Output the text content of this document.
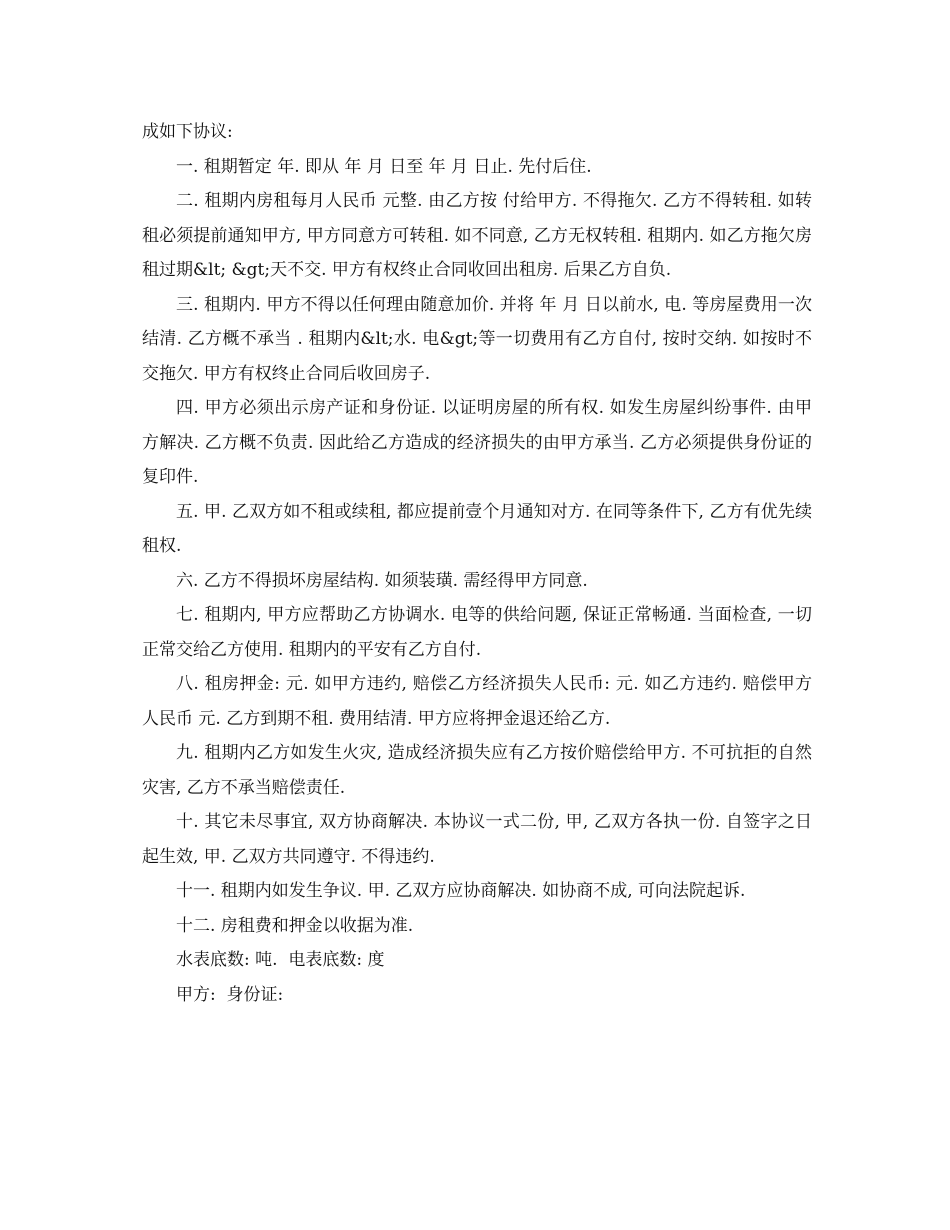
成如下协议:

一. 租期暂定 年. 即从 年 月 日至 年 月 日止. 先付后住.

二. 租期内房租每月人民币 元整. 由乙方按 付给甲方. 不得拖欠. 乙方不得转租. 如转租必须提前通知甲方, 甲方同意方可转租. 如不同意, 乙方无权转租. 租期内. 如乙方拖欠房租过期&lt; &gt;天不交. 甲方有权终止合同收回出租房. 后果乙方自负.

三. 租期内. 甲方不得以任何理由随意加价. 并将 年 月 日以前水, 电. 等房屋费用一次结清. 乙方概不承当 . 租期内&lt;水. 电&gt;等一切费用有乙方自付, 按时交纳. 如按时不交拖欠. 甲方有权终止合同后收回房子.

四. 甲方必须出示房产证和身份证. 以证明房屋的所有权. 如发生房屋纠纷事件. 由甲方解决. 乙方概不负责. 因此给乙方造成的经济损失的由甲方承当. 乙方必须提供身份证的复印件.

五. 甲. 乙双方如不租或续租, 都应提前壹个月通知对方. 在同等条件下, 乙方有优先续租权.

六. 乙方不得损坏房屋结构. 如须装璜. 需经得甲方同意.

七. 租期内, 甲方应帮助乙方协调水. 电等的供给问题, 保证正常畅通. 当面检查, 一切正常交给乙方使用. 租期内的平安有乙方自付.

八. 租房押金: 元. 如甲方违约, 赔偿乙方经济损失人民币: 元. 如乙方违约. 赔偿甲方人民币 元. 乙方到期不租. 费用结清. 甲方应将押金退还给乙方.

九. 租期内乙方如发生火灾, 造成经济损失应有乙方按价赔偿给甲方. 不可抗拒的自然灾害, 乙方不承当赔偿责任.

十. 其它未尽事宜, 双方协商解决. 本协议一式二份, 甲, 乙双方各执一份. 自签字之日起生效, 甲. 乙双方共同遵守. 不得违约.

十一. 租期内如发生争议. 甲. 乙双方应协商解决. 如协商不成, 可向法院起诉.

十二. 房租费和押金以收据为准.

水表底数: 吨.  电表底数: 度

甲方:  身份证:
